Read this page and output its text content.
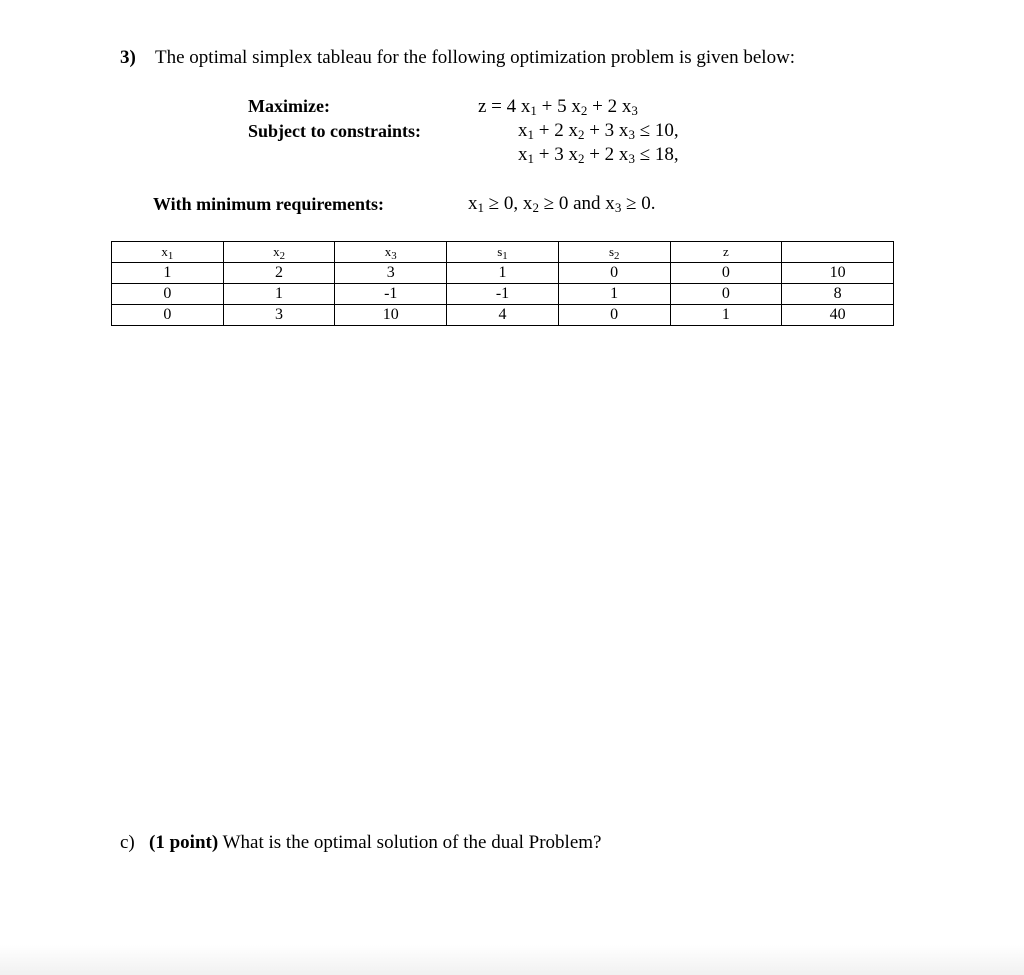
3) The optimal simplex tableau for the following optimization problem is given below:
Maximize:
Subject to constraints:
z = 4 $x_1 + 5$ $x_2 + 2$ $x_3$
$x_1 + 2$ $x_2 + 3$ $x_3 \le 10$,
$x_1 + 3$ $x_2 + 2$ $x_3 \le 18$,
With minimum requirements:	$x_1 \ge 0$, $x_2 \ge 0$ and $x_3 \ge 0$.
$x_1$	$x_2$	$x_3$	$s_1$	$s_2$	z	
1	2	3	1	0	0	10
0	1	-1	-1	1	0	8
0	3	10	4	0	1	40
c) (1 point) What is the optimal solution of the dual Problem?
